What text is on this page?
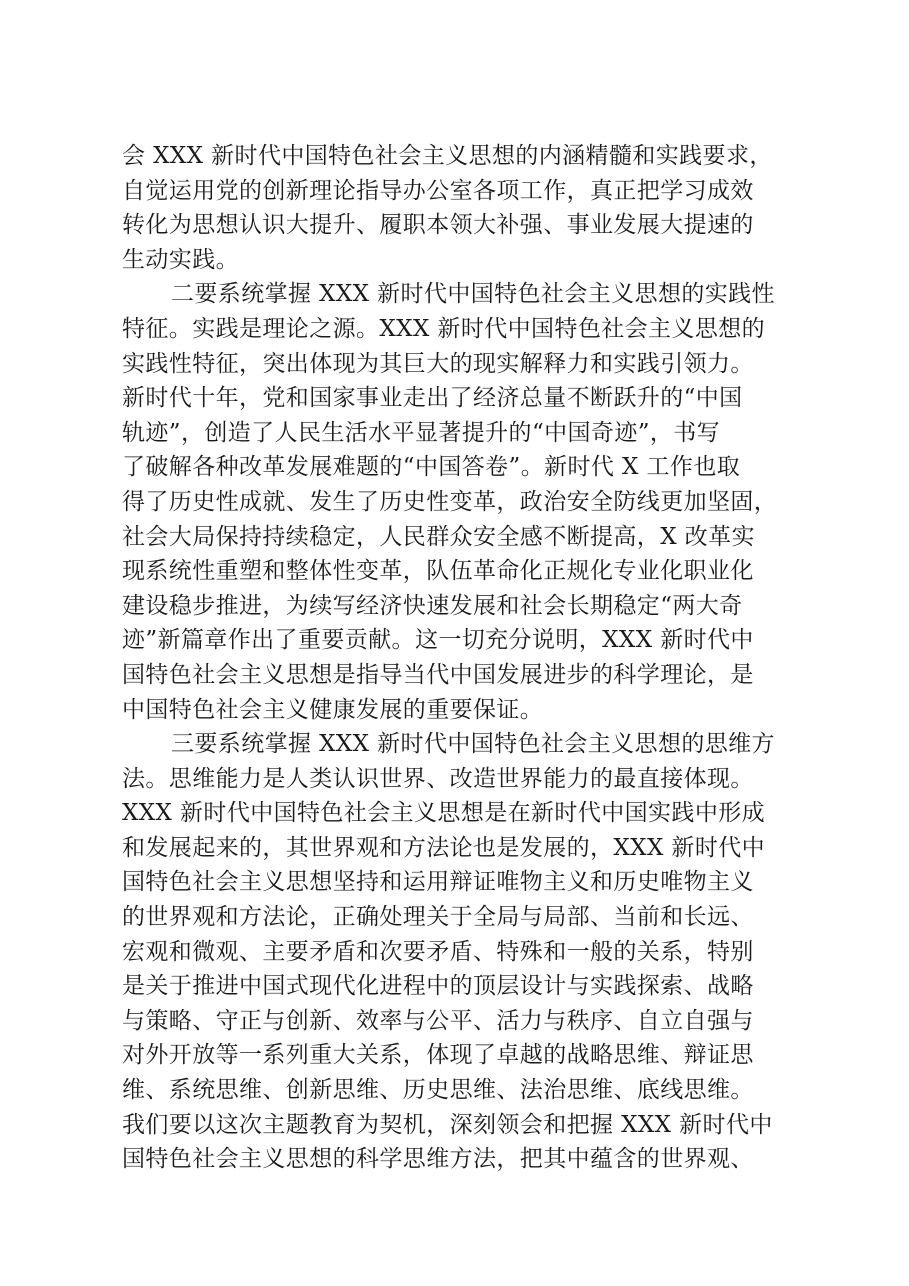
会 XXX 新时代中国特色社会主义思想的内涵精髓和实践要求，
自觉运用党的创新理论指导办公室各项工作，真正把学习成效
转化为思想认识大提升、履职本领大补强、事业发展大提速的
生动实践。
二要系统掌握 XXX 新时代中国特色社会主义思想的实践性
特征。实践是理论之源。XXX 新时代中国特色社会主义思想的
实践性特征，突出体现为其巨大的现实解释力和实践引领力。
新时代十年，党和国家事业走出了经济总量不断跃升的“中国
轨迹”，创造了人民生活水平显著提升的“中国奇迹”，书写
了破解各种改革发展难题的“中国答卷”。新时代 X 工作也取
得了历史性成就、发生了历史性变革，政治安全防线更加坚固，
社会大局保持持续稳定，人民群众安全感不断提高，X 改革实
现系统性重塑和整体性变革，队伍革命化正规化专业化职业化
建设稳步推进，为续写经济快速发展和社会长期稳定“两大奇
迹”新篇章作出了重要贡献。这一切充分说明，XXX 新时代中
国特色社会主义思想是指导当代中国发展进步的科学理论，是
中国特色社会主义健康发展的重要保证。
三要系统掌握 XXX 新时代中国特色社会主义思想的思维方
法。思维能力是人类认识世界、改造世界能力的最直接体现。
XXX 新时代中国特色社会主义思想是在新时代中国实践中形成
和发展起来的，其世界观和方法论也是发展的，XXX 新时代中
国特色社会主义思想坚持和运用辩证唯物主义和历史唯物主义
的世界观和方法论，正确处理关于全局与局部、当前和长远、
宏观和微观、主要矛盾和次要矛盾、特殊和一般的关系，特别
是关于推进中国式现代化进程中的顶层设计与实践探索、战略
与策略、守正与创新、效率与公平、活力与秩序、自立自强与
对外开放等一系列重大关系，体现了卓越的战略思维、辩证思
维、系统思维、创新思维、历史思维、法治思维、底线思维。
我们要以这次主题教育为契机，深刻领会和把握 XXX 新时代中
国特色社会主义思想的科学思维方法，把其中蕴含的世界观、
